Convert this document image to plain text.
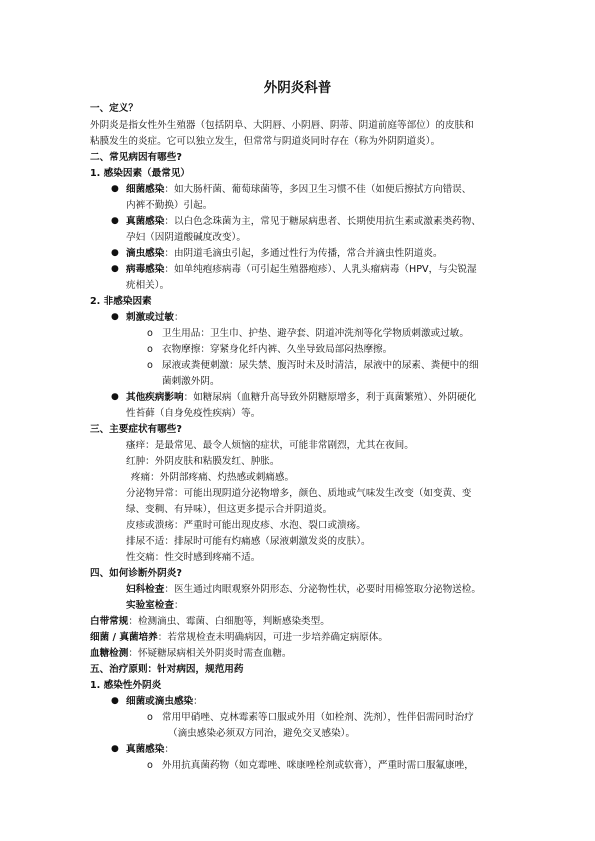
外阴炎科普
一、定义？
外阴炎是指女性外生殖器（包括阴阜、大阴唇、小阴唇、阴蒂、阴道前庭等部位）的皮肤和
粘膜发生的炎症。它可以独立发生，但常常与阴道炎同时存在（称为外阴阴道炎）。
二、常见病因有哪些?
1. 感染因素（最常见）
● 细菌感染：如大肠杆菌、葡萄球菌等，多因卫生习惯不佳（如便后擦拭方向错误、
内裤不勤换）引起。
● 真菌感染：以白色念珠菌为主，常见于糖尿病患者、长期使用抗生素或激素类药物、
孕妇（因阴道酸碱度改变）。
● 滴虫感染：由阴道毛滴虫引起，多通过性行为传播，常合并滴虫性阴道炎。
● 病毒感染：如单纯疱疹病毒（可引起生殖器疱疹）、人乳头瘤病毒（HPV，与尖锐湿
疣相关）。
2. 非感染因素
● 刺激或过敏：
o 卫生用品：卫生巾、护垫、避孕套、阴道冲洗剂等化学物质刺激或过敏。
o 衣物摩擦：穿紧身化纤内裤、久坐导致局部闷热摩擦。
o 尿液或粪便刺激：尿失禁、腹泻时未及时清洁，尿液中的尿素、粪便中的细
菌刺激外阴。
● 其他疾病影响：如糖尿病（血糖升高导致外阴糖原增多，利于真菌繁殖）、外阴硬化
性苔藓（自身免疫性疾病）等。
三、主要症状有哪些?
瘙痒：是最常见、最令人烦恼的症状，可能非常剧烈，尤其在夜间。
红肿：外阴皮肤和粘膜发红、肿胀。
疼痛：外阴部疼痛、灼热感或刺痛感。
分泌物异常：可能出现阴道分泌物增多，颜色、质地或气味发生改变（如变黄、变
绿、变稠、有异味），但这更多提示合并阴道炎。
皮疹或溃疡：严重时可能出现皮疹、水泡、裂口或溃疡。
排尿不适：排尿时可能有灼痛感（尿液刺激发炎的皮肤）。
性交痛：性交时感到疼痛不适。
四、如何诊断外阴炎?
妇科检查：医生通过肉眼观察外阴形态、分泌物性状，必要时用棉签取分泌物送检。
实验室检查：
白带常规：检测滴虫、霉菌、白细胞等，判断感染类型。
细菌 / 真菌培养：若常规检查未明确病因，可进一步培养确定病原体。
血糖检测：怀疑糖尿病相关外阴炎时需查血糖。
五、治疗原则：针对病因，规范用药
1. 感染性外阴炎
● 细菌或滴虫感染：
o 常用甲硝唑、克林霉素等口服或外用（如栓剂、洗剂），性伴侣需同时治疗
（滴虫感染必须双方同治，避免交叉感染）。
● 真菌感染：
o 外用抗真菌药物（如克霉唑、咪康唑栓剂或软膏），严重时需口服氟康唑，
